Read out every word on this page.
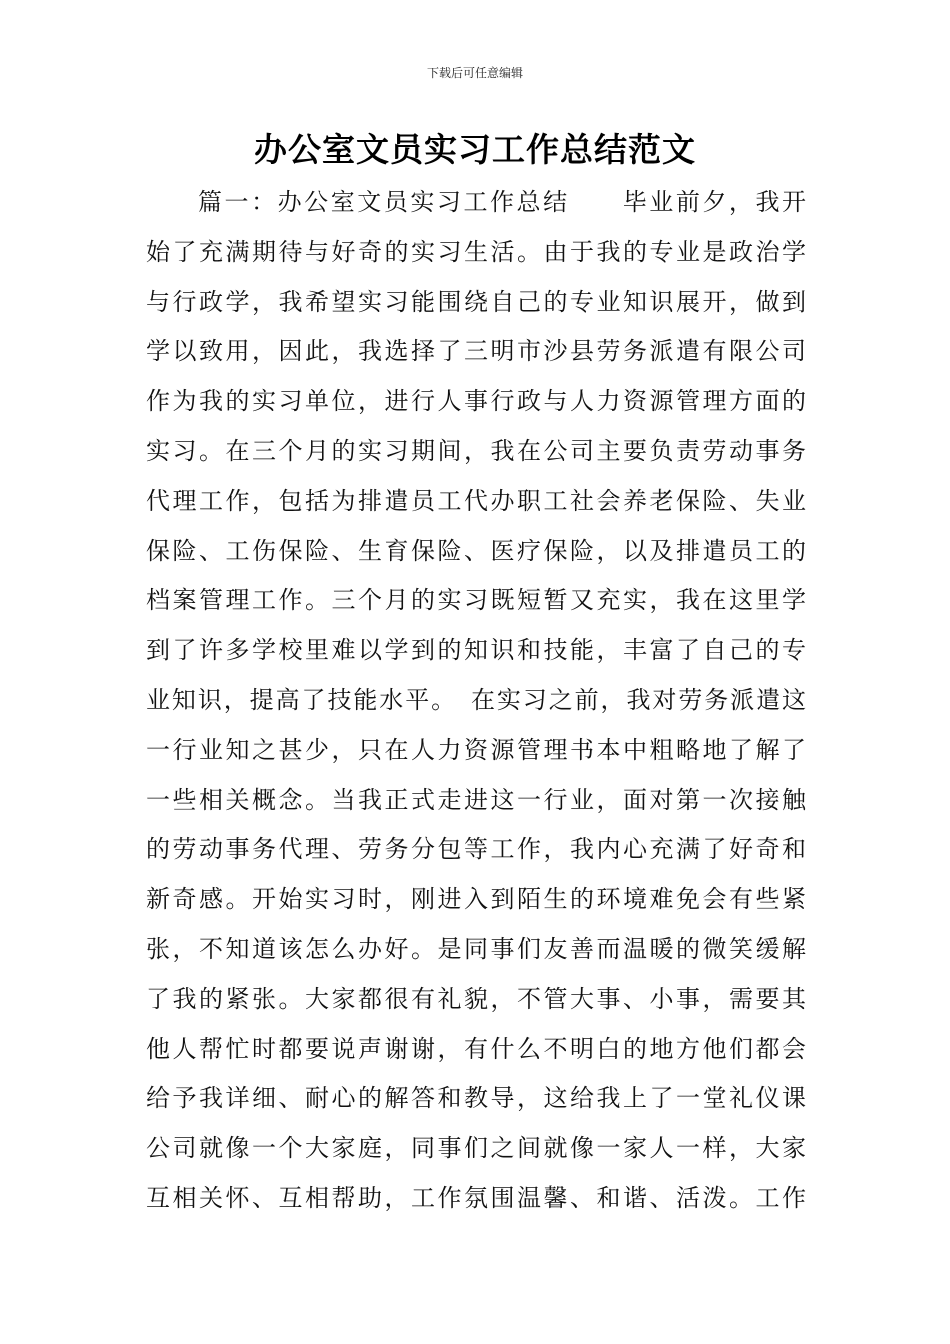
下载后可任意编辑
办公室文员实习工作总结范文
篇一：办公室文员实习工作总结　　毕业前夕，我开
始了充满期待与好奇的实习生活。由于我的专业是政治学
与行政学，我希望实习能围绕自己的专业知识展开，做到
学以致用，因此，我选择了三明市沙县劳务派遣有限公司
作为我的实习单位，进行人事行政与人力资源管理方面的
实习。在三个月的实习期间，我在公司主要负责劳动事务
代理工作，包括为排遣员工代办职工社会养老保险、失业
保险、工伤保险、生育保险、医疗保险，以及排遣员工的
档案管理工作。三个月的实习既短暂又充实，我在这里学
到了许多学校里难以学到的知识和技能，丰富了自己的专
业知识，提高了技能水平。　在实习之前，我对劳务派遣这
一行业知之甚少，只在人力资源管理书本中粗略地了解了
一些相关概念。当我正式走进这一行业，面对第一次接触
的劳动事务代理、劳务分包等工作，我内心充满了好奇和
新奇感。开始实习时，刚进入到陌生的环境难免会有些紧
张，不知道该怎么办好。是同事们友善而温暖的微笑缓解
了我的紧张。大家都很有礼貌，不管大事、小事，需要其
他人帮忙时都要说声谢谢，有什么不明白的地方他们都会
给予我详细、耐心的解答和教导，这给我上了一堂礼仪课
公司就像一个大家庭，同事们之间就像一家人一样，大家
互相关怀、互相帮助，工作氛围温馨、和谐、活泼。工作
